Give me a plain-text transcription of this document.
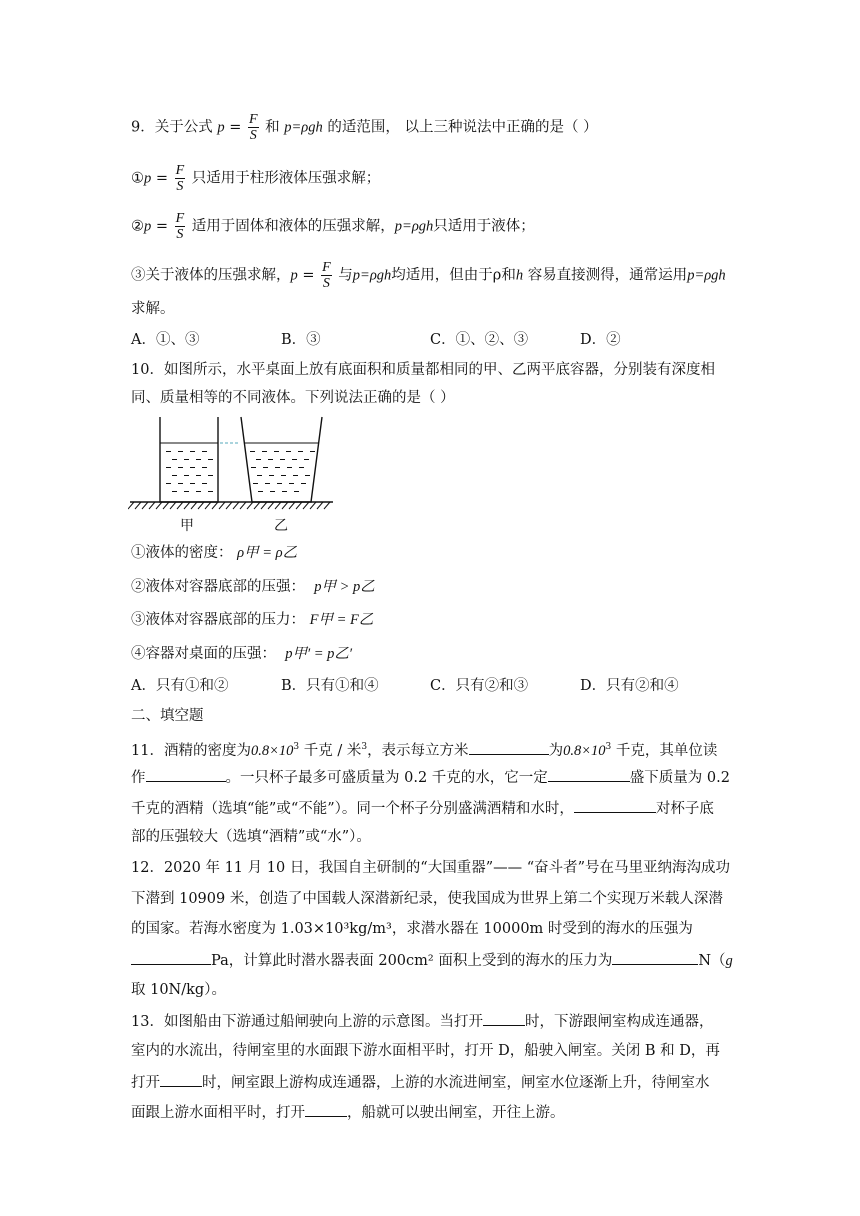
9．关于公式 $p = \frac{F}{S}$ 和 p=ρgh 的适范围， 以上三种说法中正确的是（ ）
①p = $\frac{F}{S}$ 只适用于柱形液体压强求解；
②p = $\frac{F}{S}$ 适用于固体和液体的压强求解，p=ρgh只适用于液体；
③关于液体的压强求解，$p = \frac{F}{S}$ 与p=ρgh均适用，但由于ρ和h 容易直接测得，通常运用p=ρgh
求解。
A．①、③	B．③	C．①、②、③	D．②
10．如图所示，水平桌面上放有底面积和质量都相同的甲、乙两平底容器，分别装有深度相
同、质量相等的不同液体。下列说法正确的是（ ）
甲	乙
①液体的密度： ρ甲 = ρ乙
②液体对容器底部的压强： p甲 > p乙
③液体对容器底部的压力： F甲 = F乙
④容器对桌面的压强： p甲′ = p乙′
A．只有①和②	B．只有①和④	C．只有②和③	D．只有②和④
二、填空题
11．酒精的密度为$0.8\times 10^3$ 千克 / 米$^3$，表示每立方米	为$0.8\times 10^3$ 千克，其单位读
作	。一只杯子最多可盛质量为 0.2 千克的水，它一定	盛下质量为 0.2
千克的酒精（选填“能”或“不能”）。同一个杯子分别盛满酒精和水时，	对杯子底
部的压强较大（选填“酒精”或“水”）。
12．2020 年 11 月 10 日，我国自主研制的“大国重器”—— “奋斗者”号在马里亚纳海沟成功
下潜到 10909 米，创造了中国载人深潜新纪录，使我国成为世界上第二个实现万米载人深潜
的国家。若海水密度为 1.03×10³kg/m³，求潜水器在 10000m 时受到的海水的压强为
Pa，计算此时潜水器表面 200cm² 面积上受到的海水的压力为	N（g
取 10N/kg）。
13．如图船由下游通过船闸驶向上游的示意图。当打开	时，下游跟闸室构成连通器，
室内的水流出，待闸室里的水面跟下游水面相平时，打开 D，船驶入闸室。关闭 B 和 D，再
打开	时，闸室跟上游构成连通器，上游的水流进闸室，闸室水位逐渐上升，待闸室水
面跟上游水面相平时，打开	，船就可以驶出闸室，开往上游。
